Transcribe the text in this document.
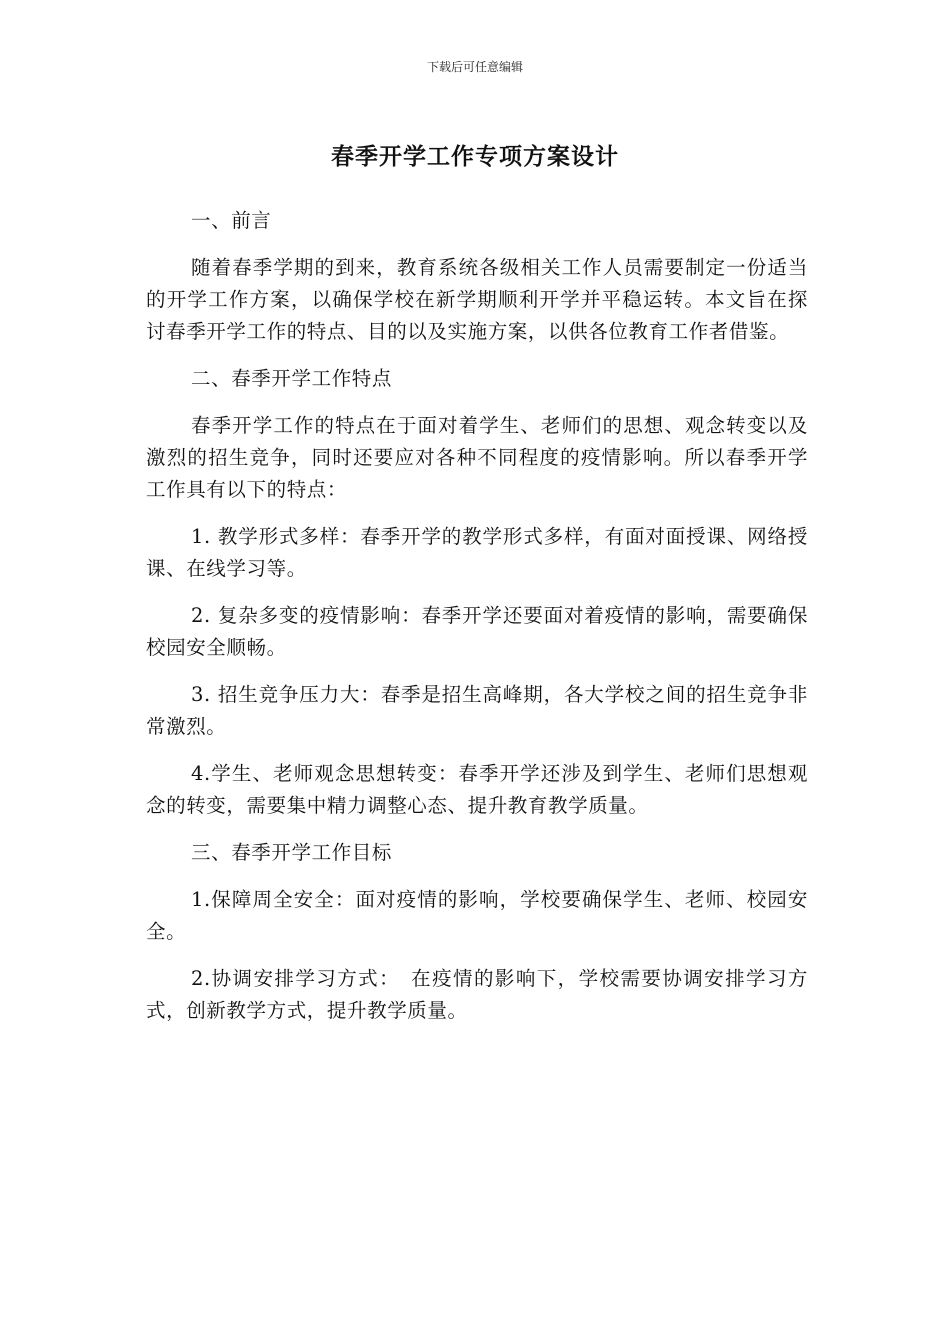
下载后可任意编辑
春季开学工作专项方案设计

一、前言

随着春季学期的到来，教育系统各级相关工作人员需要制定一份适当的开学工作方案，以确保学校在新学期顺利开学并平稳运转。本文旨在探讨春季开学工作的特点、目的以及实施方案，以供各位教育工作者借鉴。

二、春季开学工作特点

春季开学工作的特点在于面对着学生、老师们的思想、观念转变以及激烈的招生竞争，同时还要应对各种不同程度的疫情影响。所以春季开学工作具有以下的特点：

1. 教学形式多样：春季开学的教学形式多样，有面对面授课、网络授课、在线学习等。

2. 复杂多变的疫情影响：春季开学还要面对着疫情的影响，需要确保校园安全顺畅。

3. 招生竞争压力大：春季是招生高峰期，各大学校之间的招生竞争非常激烈。

4.学生、老师观念思想转变：春季开学还涉及到学生、老师们思想观念的转变，需要集中精力调整心态、提升教育教学质量。

三、春季开学工作目标

1.保障周全安全：面对疫情的影响，学校要确保学生、老师、校园安全。

2.协调安排学习方式：　在疫情的影响下，学校需要协调安排学习方式，创新教学方式，提升教学质量。
